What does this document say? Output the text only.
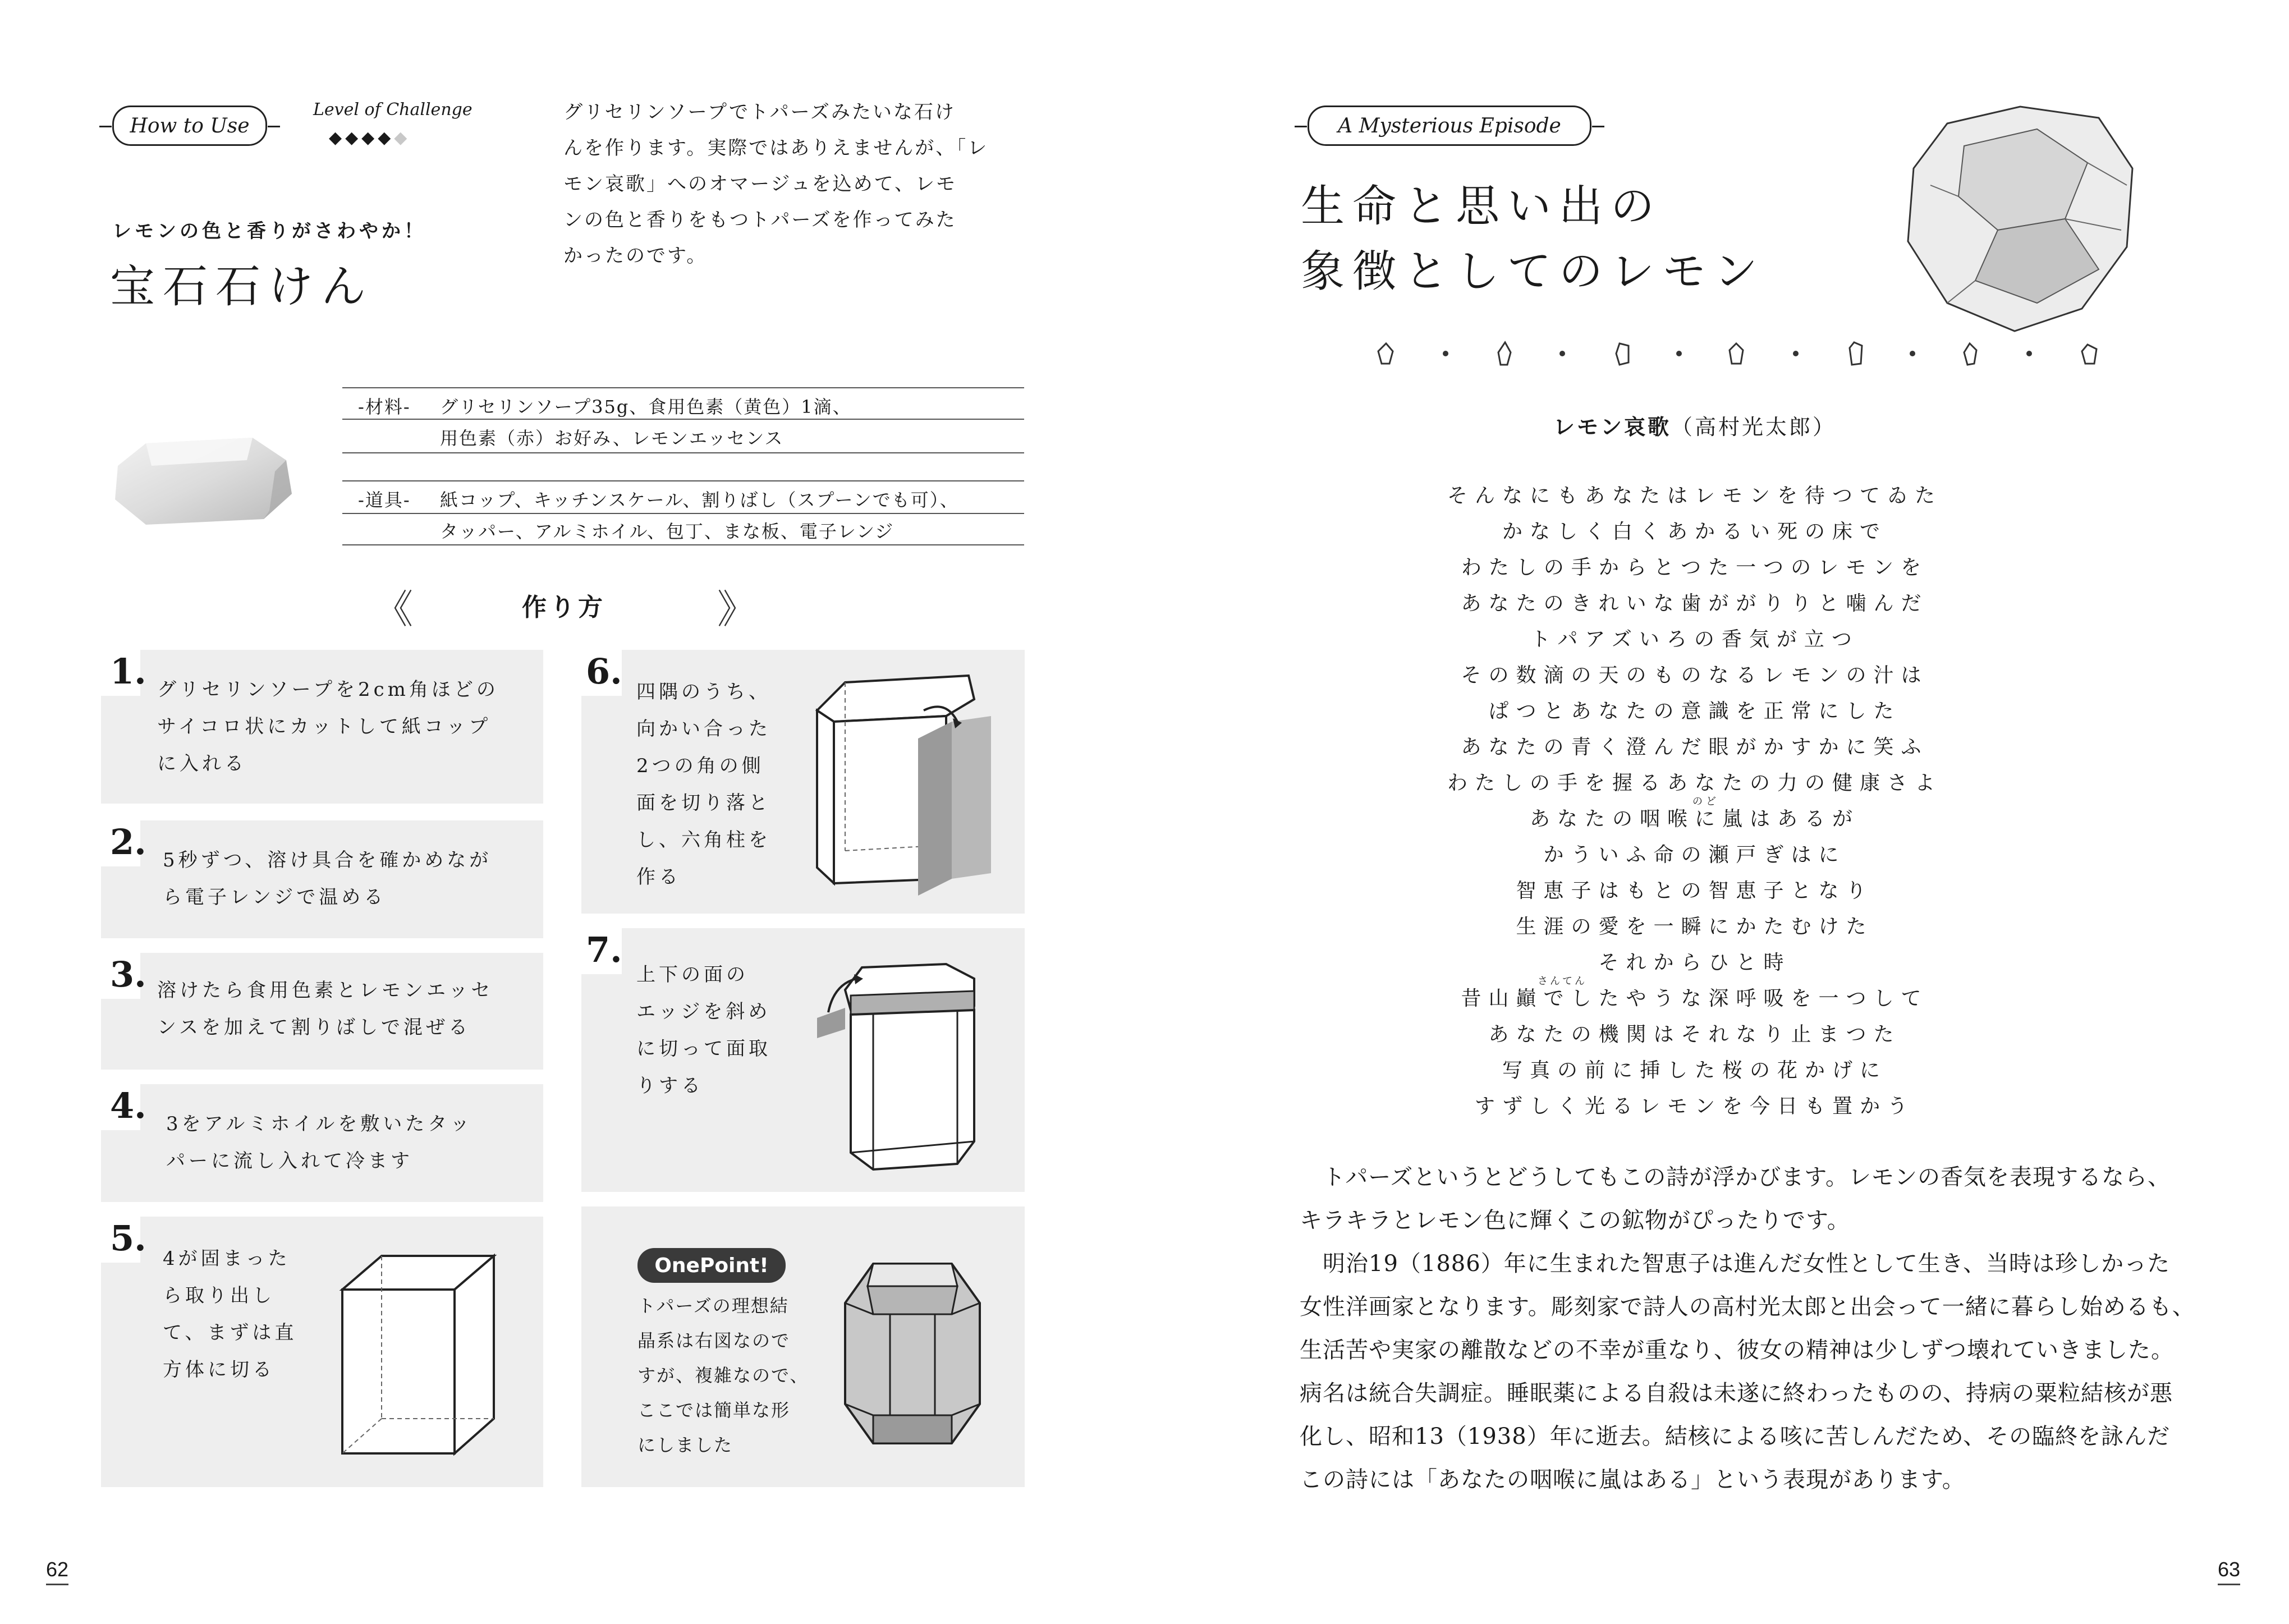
How to Use
Level of Challenge
◆◆◆◆◆
グリセリンソープでトパーズみたいな石け
んを作ります。実際ではありえませんが、「レ
モン哀歌」へのオマージュを込めて、レモ
ンの色と香りをもつトパーズを作ってみた
かったのです。
レモンの色と香りがさわやか！
宝石石けん
-材料- グリセリンソープ35g、食用色素（黄色）1滴、
用色素（赤）お好み、レモンエッセンス
-道具- 紙コップ、キッチンスケール、割りばし（スプーンでも可）、
タッパー、アルミホイル、包丁、まな板、電子レンジ
《	作り方	》
1. グリセリンソープを2cm角ほどの
サイコロ状にカットして紙コップ
に入れる
2. 5秒ずつ、溶け具合を確かめなが
ら電子レンジで温める
3. 溶けたら食用色素とレモンエッセ
ンスを加えて割りばしで混ぜる
4. 3をアルミホイルを敷いたタッ
パーに流し入れて冷ます
5. 4が固まった
ら取り出し
て、まずは直
方体に切る
6. 四隅のうち、
向かい合った
2つの角の側
面を切り落と
し、六角柱を
作る
7.
上下の面の
エッジを斜め
に切って面取
りする
OnePoint!
トパーズの理想結
晶系は右図なので
すが、複雑なので、
ここでは簡単な形
にしました
62
A Mysterious Episode
生命と思い出の
象徴としてのレモン
レモン哀歌（高村光太郎）
そんなにもあなたはレモンを待つてゐた
かなしく白くあかるい死の床で
わたしの手からとつた一つのレモンを
あなたのきれいな歯ががりりと噛んだ
トパアズいろの香気が立つ
その数滴の天のものなるレモンの汁は
ぱつとあなたの意識を正常にした
あなたの青く澄んだ眼がかすかに笑ふ
わたしの手を握るあなたの力の健康さよ
あなたの咽喉に嵐はあるが
かういふ命の瀬戸ぎはに
智恵子はもとの智恵子となり
生涯の愛を一瞬にかたむけた
それからひと時
昔山巓でしたやうな深呼吸を一つして
あなたの機関はそれなり止まつた
写真の前に挿した桜の花かげに
すずしく光るレモンを今日も置かう
のど
さんてん
　トパーズというとどうしてもこの詩が浮かびます。レモンの香気を表現するなら、
キラキラとレモン色に輝くこの鉱物がぴったりです。
　明治19（1886）年に生まれた智恵子は進んだ女性として生き、当時は珍しかった
女性洋画家となります。彫刻家で詩人の高村光太郎と出会って一緒に暮らし始めるも、
生活苦や実家の離散などの不幸が重なり、彼女の精神は少しずつ壊れていきました。
病名は統合失調症。睡眠薬による自殺は未遂に終わったものの、持病の粟粒結核が悪
化し、昭和13（1938）年に逝去。結核による咳に苦しんだため、その臨終を詠んだ
この詩には「あなたの咽喉に嵐はある」という表現があります。
63
